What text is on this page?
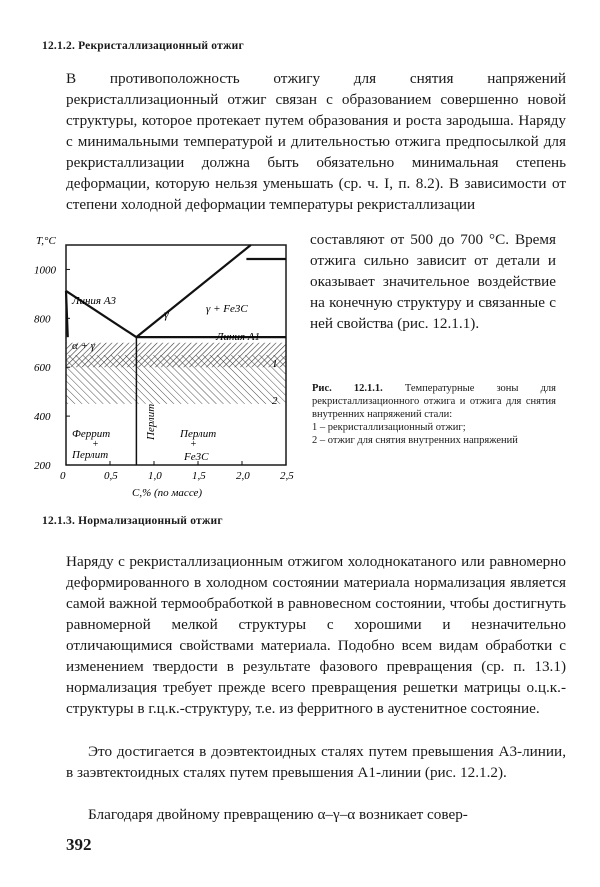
12.1.2. Рекристаллизационный отжиг
В противоположность отжигу для снятия напряжений рекристаллизационный отжиг связан с образованием совершенно новой структуры, которое протекает путем образования и роста зародыша. Наряду с минимальными температурой и длительностью отжига предпосылкой для рекристаллизации должна быть обязательно минимальная степень деформации, которую нельзя уменьшать (ср. ч. I, п. 8.2). В зависимости от степени холодной деформации температуры рекристаллизации
0	0,5	1,0	1,5	2,0	2,5
200
400
600
800
1000
T,°C
C,% (по массе)
Линия A3
Линия A1
α + γ
γ	γ + Fe3C
1
2
Феррит
+
Перлит
Перлит Перлит
+
Fe3C
составляют от 500 до 700 °С. Время отжига сильно зависит от детали и оказывает значительное воздействие на конечную структуру и связанные с ней свойства (рис. 12.1.1).
Рис. 12.1.1. Температурные зоны для рекристаллизационного отжига и отжига для снятия внутренних напряжений стали:
1 – рекристаллизационный отжиг;
2 – отжиг для снятия внутренних напряжений
12.1.3. Нормализационный отжиг
Наряду с рекристаллизационным отжигом холоднокатаного или равномерно деформированного в холодном состоянии материала нормализация является самой важной термообработкой в равновесном состоянии, чтобы достигнуть равномерной мелкой структуры с хорошими и незначительно отличающимися свойствами материала. Подобно всем видам обработки с изменением твердости в результате фазового превращения (ср. п. 13.1) нормализация требует прежде всего превращения решетки матрицы о.ц.к.-структуры в г.ц.к.-структуру, т.е. из ферритного в аустенитное состояние.
Это достигается в доэвтектоидных сталях путем превышения A3-линии, в заэвтектоидных сталях путем превышения A1-линии (рис. 12.1.2).
Благодаря двойному превращению α–γ–α возникает совер-
392
